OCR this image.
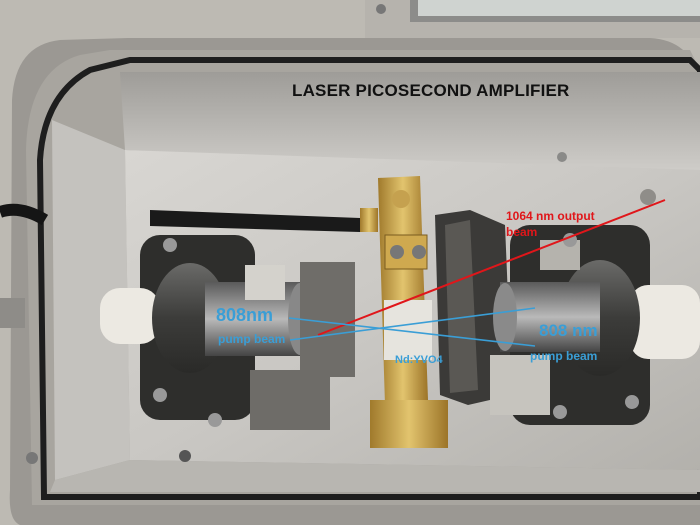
LASER PICOSECOND AMPLIFIER
1064 nm output
beam
808nm
pump beam
Nd:YVO4
808 nm
pump beam
